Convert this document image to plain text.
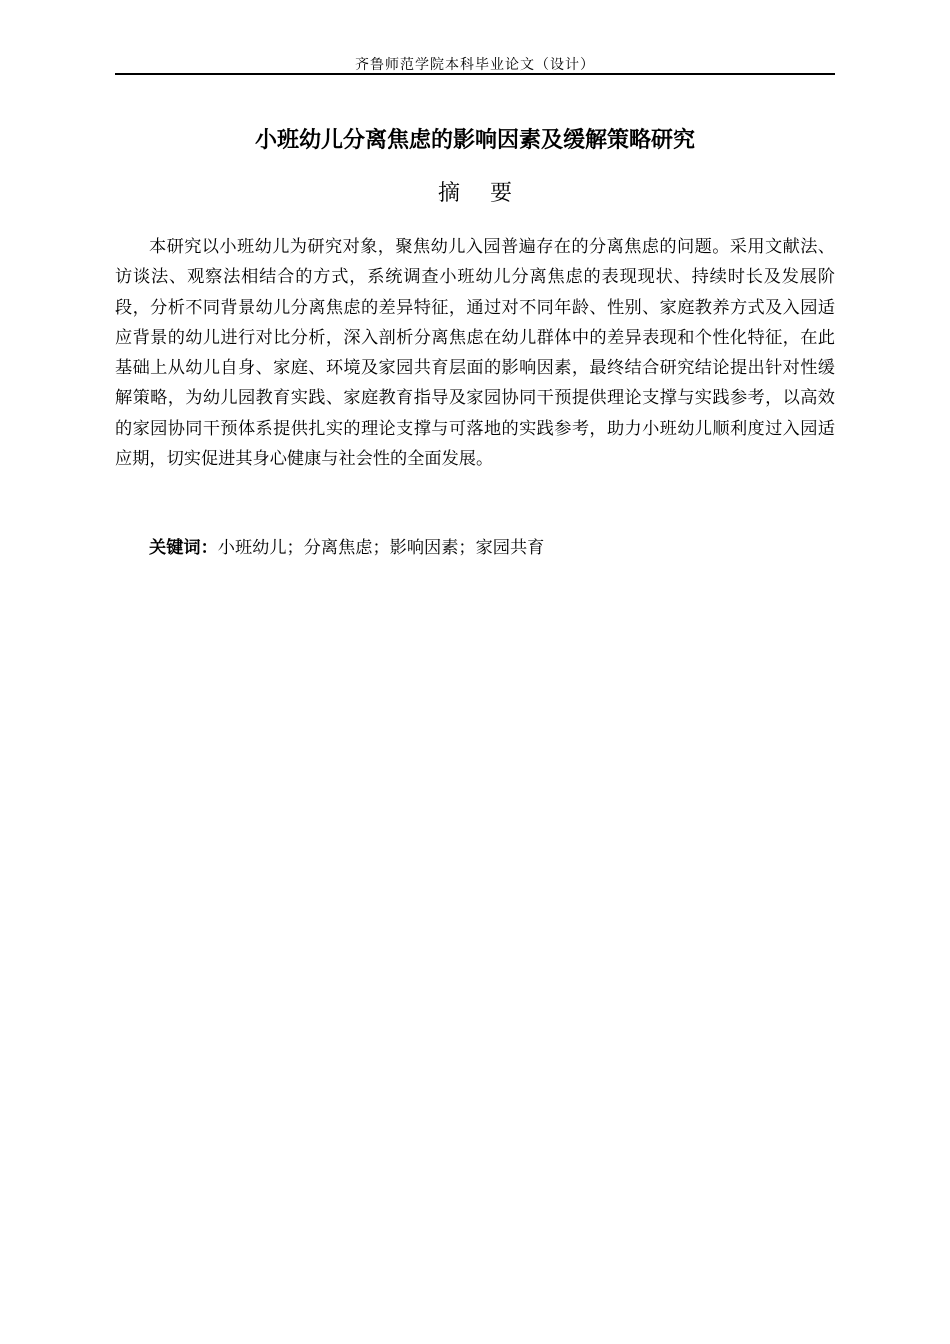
齐鲁师范学院本科毕业论文（设计）
小班幼儿分离焦虑的影响因素及缓解策略研究
摘要

本研究以小班幼儿为研究对象，聚焦幼儿入园普遍存在的分离焦虑的问题。采用文献法、访谈法、观察法相结合的方式，系统调查小班幼儿分离焦虑的表现现状、持续时长及发展阶段，分析不同背景幼儿分离焦虑的差异特征，通过对不同年龄、性别、家庭教养方式及入园适应背景的幼儿进行对比分析，深入剖析分离焦虑在幼儿群体中的差异表现和个性化特征，在此基础上从幼儿自身、家庭、环境及家园共育层面的影响因素，最终结合研究结论提出针对性缓解策略，为幼儿园教育实践、家庭教育指导及家园协同干预提供理论支撑与实践参考，以高效的家园协同干预体系提供扎实的理论支撑与可落地的实践参考，助力小班幼儿顺利度过入园适应期，切实促进其身心健康与社会性的全面发展。

关键词：小班幼儿；分离焦虑；影响因素；家园共育
